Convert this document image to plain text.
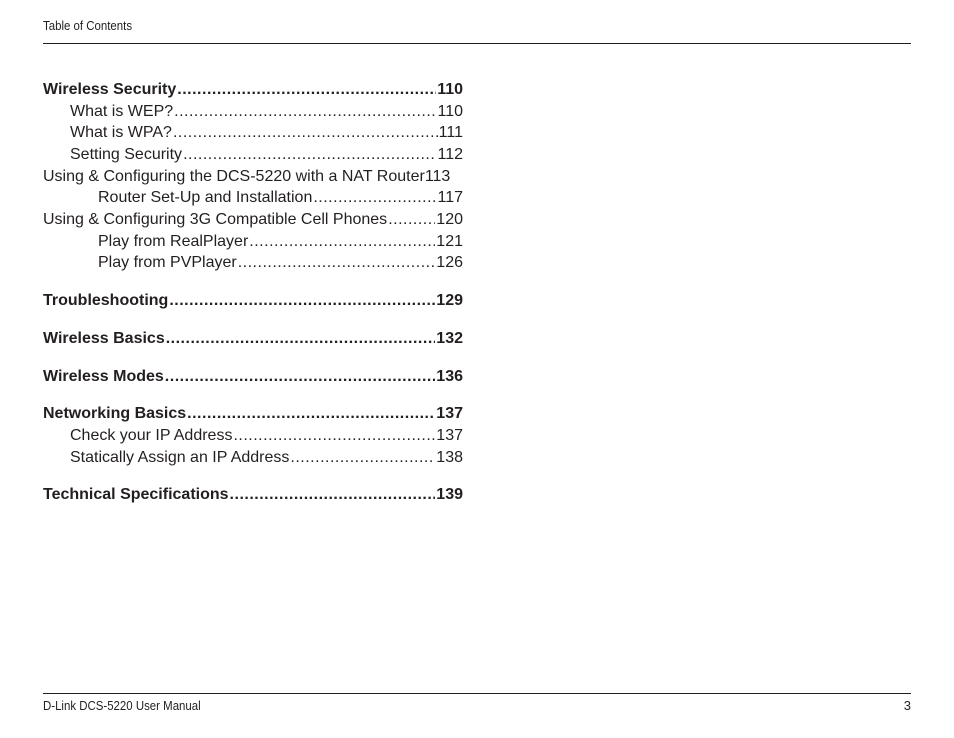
Table of Contents
Wireless Security .....	110
What is WEP? .....	110
What is WPA? .....	111
Setting Security .....	112
Using & Configuring the DCS-5220 with a NAT Router 113
Router Set-Up and Installation .....	117
Using & Configuring 3G Compatible Cell Phones .....	120
Play from RealPlayer .....	121
Play from PVPlayer .....	126
Troubleshooting .....	129
Wireless Basics .....	132
Wireless Modes .....	136
Networking Basics .....	137
Check your IP Address .....	137
Statically Assign an IP Address .....	138
Technical Specifications .....	139
D-Link DCS-5220 User Manual	3
